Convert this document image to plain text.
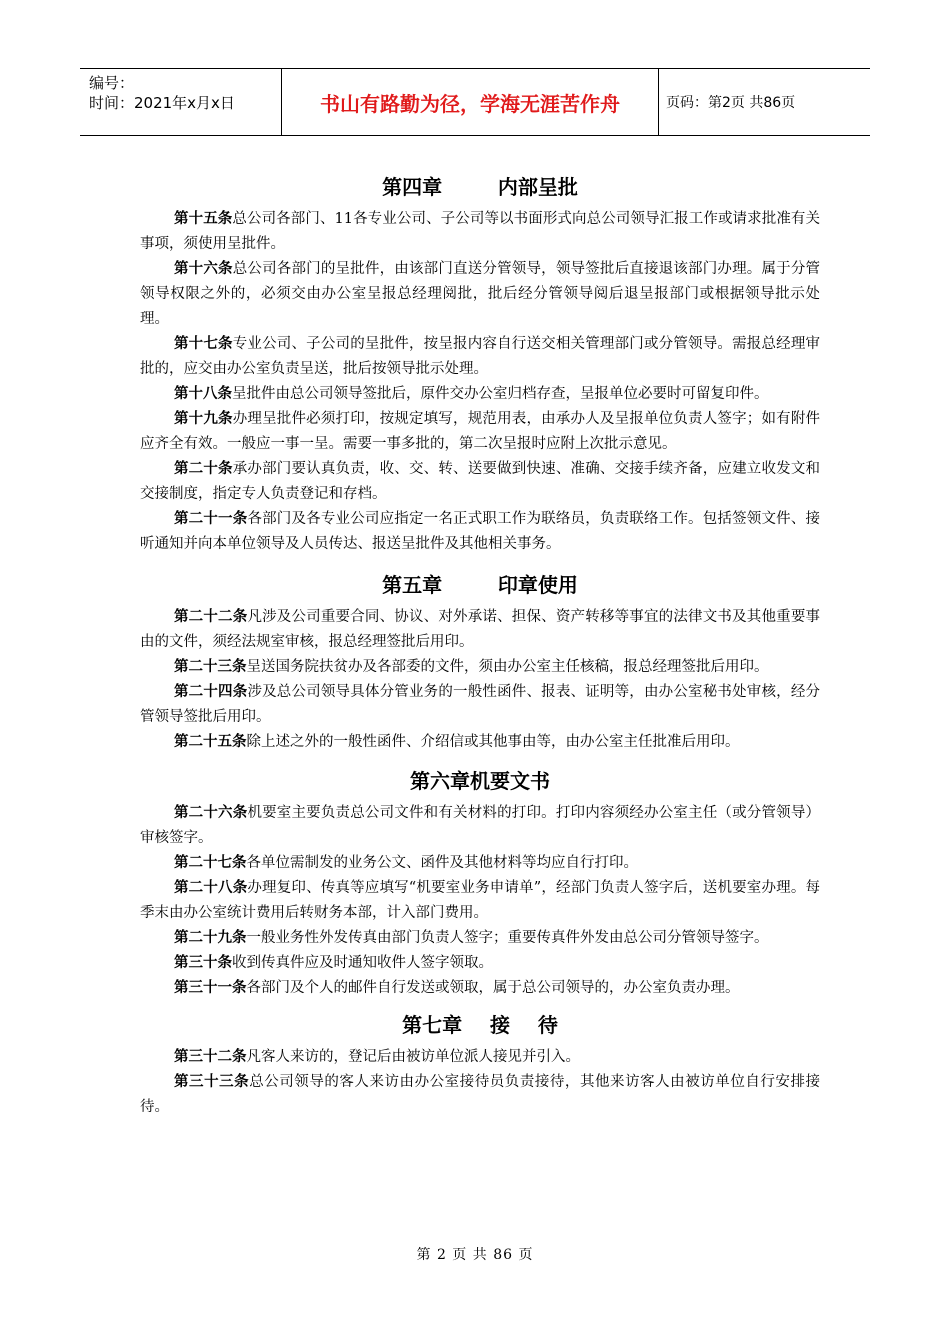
编号：
时间：2021年x月x日	书山有路勤为径，学海无涯苦作舟	页码：第2页 共86页
第四章        内部呈批

第十五条总公司各部门、11各专业公司、子公司等以书面形式向总公司领导汇报工作或请求批准有关事项，须使用呈批件。

第十六条总公司各部门的呈批件，由该部门直送分管领导，领导签批后直接退该部门办理。属于分管领导权限之外的，必须交由办公室呈报总经理阅批，批后经分管领导阅后退呈报部门或根据领导批示处理。

第十七条专业公司、子公司的呈批件，按呈报内容自行送交相关管理部门或分管领导。需报总经理审批的，应交由办公室负责呈送，批后按领导批示处理。

第十八条呈批件由总公司领导签批后，原件交办公室归档存查，呈报单位必要时可留复印件。

第十九条办理呈批件必须打印，按规定填写，规范用表，由承办人及呈报单位负责人签字；如有附件应齐全有效。一般应一事一呈。需要一事多批的，第二次呈报时应附上次批示意见。

第二十条承办部门要认真负责，收、交、转、送要做到快速、准确、交接手续齐备，应建立收发文和交接制度，指定专人负责登记和存档。

第二十一条各部门及各专业公司应指定一名正式职工作为联络员，负责联络工作。包括签领文件、接听通知并向本单位领导及人员传达、报送呈批件及其他相关事务。

第五章        印章使用

第二十二条凡涉及公司重要合同、协议、对外承诺、担保、资产转移等事宜的法律文书及其他重要事由的文件，须经法规室审核，报总经理签批后用印。

第二十三条呈送国务院扶贫办及各部委的文件，须由办公室主任核稿，报总经理签批后用印。

第二十四条涉及总公司领导具体分管业务的一般性函件、报表、证明等，由办公室秘书处审核，经分管领导签批后用印。

第二十五条除上述之外的一般性函件、介绍信或其他事由等，由办公室主任批准后用印。

第六章机要文书

第二十六条机要室主要负责总公司文件和有关材料的打印。打印内容须经办公室主任（或分管领导）审核签字。

第二十七条各单位需制发的业务公文、函件及其他材料等均应自行打印。

第二十八条办理复印、传真等应填写“机要室业务申请单”，经部门负责人签字后，送机要室办理。每季末由办公室统计费用后转财务本部，计入部门费用。

第二十九条一般业务性外发传真由部门负责人签字；重要传真件外发由总公司分管领导签字。

第三十条收到传真件应及时通知收件人签字领取。

第三十一条各部门及个人的邮件自行发送或领取，属于总公司领导的，办公室负责办理。

第七章    接    待

第三十二条凡客人来访的，登记后由被访单位派人接见并引入。

第三十三条总公司领导的客人来访由办公室接待员负责接待，其他来访客人由被访单位自行安排接待。

第 2 页 共 86 页
